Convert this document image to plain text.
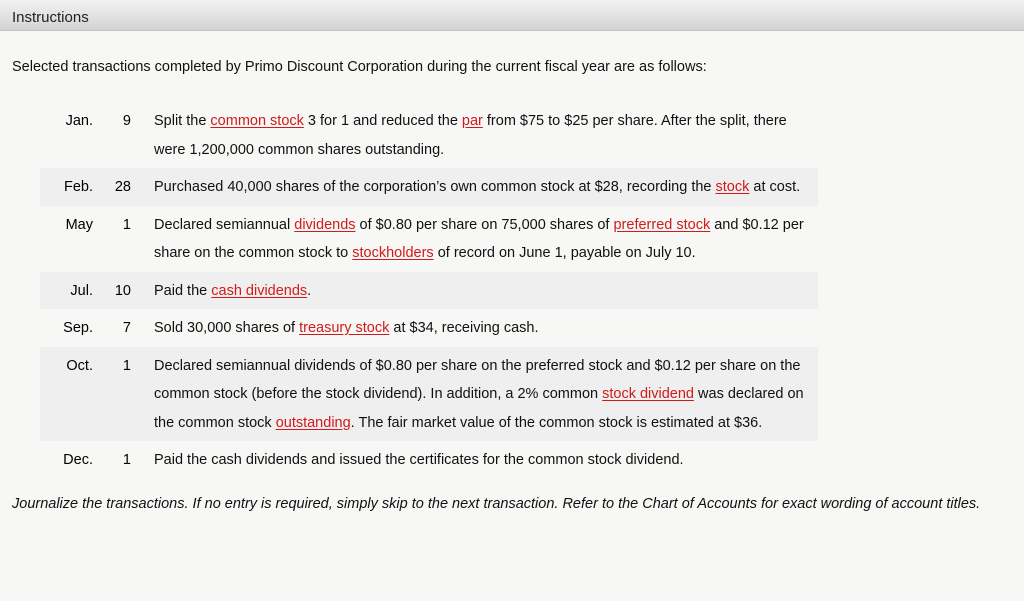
Instructions
Selected transactions completed by Primo Discount Corporation during the current fiscal year are as follows:
Jan.	9	Split the common stock 3 for 1 and reduced the par from $75 to $25 per share. After the split, there were 1,200,000 common shares outstanding.
Feb.	28	Purchased 40,000 shares of the corporation’s own common stock at $28, recording the stock at cost.
May	1	Declared semiannual dividends of $0.80 per share on 75,000 shares of preferred stock and $0.12 per share on the common stock to stockholders of record on June 1, payable on July 10.
Jul.	10	Paid the cash dividends.
Sep.	7	Sold 30,000 shares of treasury stock at $34, receiving cash.
Oct.	1	Declared semiannual dividends of $0.80 per share on the preferred stock and $0.12 per share on the common stock (before the stock dividend). In addition, a 2% common stock dividend was declared on the common stock outstanding. The fair market value of the common stock is estimated at $36.
Dec.	1	Paid the cash dividends and issued the certificates for the common stock dividend.
Journalize the transactions. If no entry is required, simply skip to the next transaction. Refer to the Chart of Accounts for exact wording of account titles.
